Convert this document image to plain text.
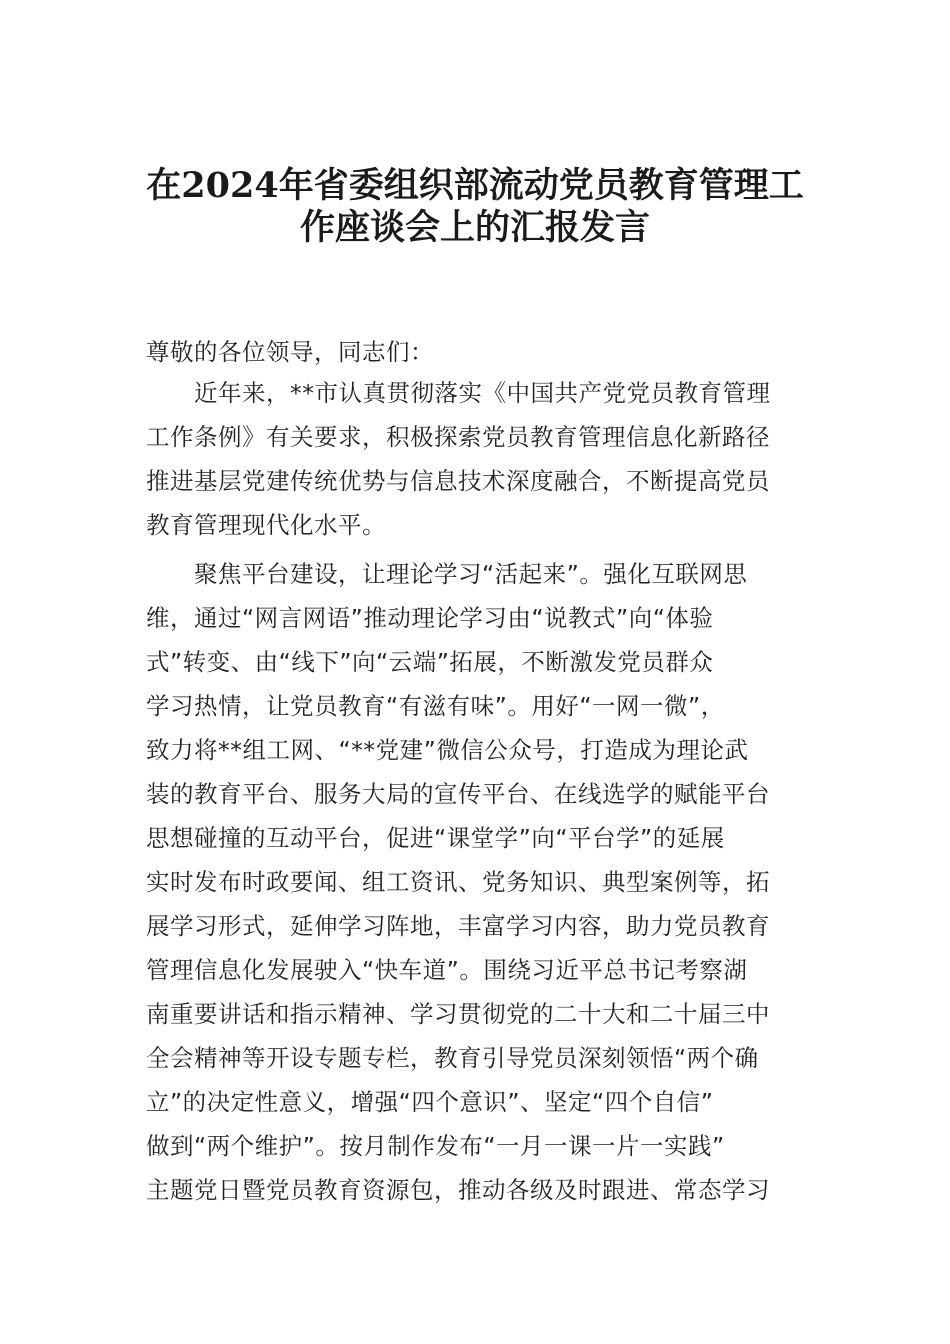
在2024年省委组织部流动党员教育管理工
作座谈会上的汇报发言
尊敬的各位领导，同志们：
　　近年来，**市认真贯彻落实《中国共产党党员教育管理
工作条例》有关要求，积极探索党员教育管理信息化新路径
推进基层党建传统优势与信息技术深度融合，不断提高党员
教育管理现代化水平。
　　聚焦平台建设，让理论学习“活起来”。强化互联网思
维，通过“网言网语”推动理论学习由“说教式”向“体验
式”转变、由“线下”向“云端”拓展，不断激发党员群众
学习热情，让党员教育“有滋有味”。用好“一网一微”，
致力将**组工网、“**党建”微信公众号，打造成为理论武
装的教育平台、服务大局的宣传平台、在线选学的赋能平台
思想碰撞的互动平台，促进“课堂学”向“平台学”的延展
实时发布时政要闻、组工资讯、党务知识、典型案例等，拓
展学习形式，延伸学习阵地，丰富学习内容，助力党员教育
管理信息化发展驶入“快车道”。围绕习近平总书记考察湖
南重要讲话和指示精神、学习贯彻党的二十大和二十届三中
全会精神等开设专题专栏，教育引导党员深刻领悟“两个确
立”的决定性意义，增强“四个意识”、坚定“四个自信”
做到“两个维护”。按月制作发布“一月一课一片一实践”
主题党日暨党员教育资源包，推动各级及时跟进、常态学习
